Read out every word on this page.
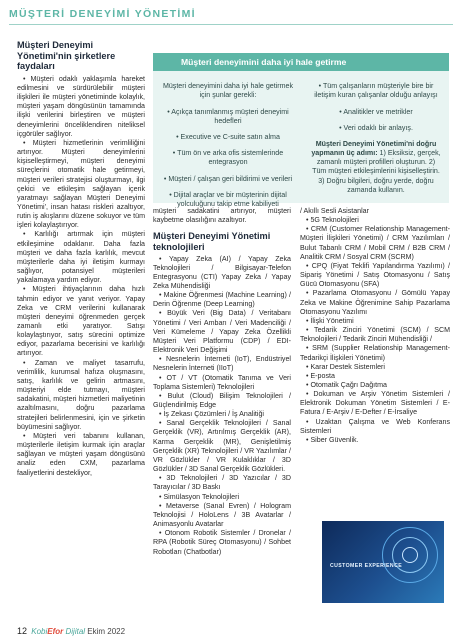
MÜŞTERİ DENEYİMİ YÖNETİMİ

Müşteri Deneyimi Yönetimi'nin şirketlere faydaları

• Müşteri odaklı yaklaşımla hareket edilmesini ve sürdürülebilir müşteri ilişkileri ile müşteri yönetiminde kolaylık, müşteri yaşam döngüsünün tamamında ilişki verilerini birleştiren ve müşteri deneyimlerini önceliklendiren niteliksel içgörüler sağlıyor.

• Müşteri hizmetlerinin verimliliğini artırıyor. Müşteri deneyimlerini kişiselleştirmeyi, müşteri deneyimi süreçlerini otomatik hale getirmeyi, müşteri verileri stratejisi oluşturmayı, ilgi çekici ve etkileşim sağlayan içerik yaratmayı sağlayan Müşteri Deneyimi Yönetimi', insan hatası riskleri azaltıyor, rutin iş akışlarını düzene sokuyor ve tüm işleri kolaylaştırıyor.

• Karlılığı artırmak için müşteri etkileşimine odaklanır. Daha fazla müşteri ve daha fazla karlılık, mevcut müşterilerle daha iyi iletişim kurmayı sağlıyor, potansiyel müşterileri yakalamaya yardım ediyor.

• Müşteri ihtiyaçlarının daha hızlı tahmin ediyor ve yanıt veriyor. Yapay Zeka ve CRM verilerini kullanarak müşteri deneyimi öğrenmeden gerçek zamanlı etki yaratıyor. Satışı kolaylaştırıyor, satış sürecini optimize ediyor, pazarlama becerisini ve karlılığı artırıyor.

• Zaman ve maliyet tasarrufu, verimlilik, kurumsal hafıza oluşmasını, satış, karlılık ve gelirin artmasını, müşteriyi elde tutmayı, müşteri sadakatini, müşteri hizmetleri maliyetinin azaltılmasını, doğru pazarlama stratejileri belirlenmesini, için ve şirketin büyümesini sağlıyor.

• Müşteri veri tabanını kullanan, müşterilerle iletişim kurmak için araçlar sağlayan ve müşteri yaşam döngüsünü analiz eden CXM, pazarlama faaliyetlerini destekliyor,

Müşteri deneyimini daha iyi hale getirme

Müşteri deneyimini daha iyi hale getirmek için şunlar gerekli:

• Açıkça tanımlanmış müşteri deneyimi hedefleri

• Executive ve C-suite satın alma

• Tüm ön ve arka ofis sistemlerinde entegrasyon

• Müşteri / çalışan geri bildirimi ve verileri

• Dijital araçlar ve bir müşterinin dijital yolculuğunu takip etme kabiliyeti

• Tüm çalışanların müşteriyle bire bir iletişim kuran çalışanlar olduğu anlayışı

• Analitikler ve metrikler

• Veri odaklı bir anlayış.

Müşteri Deneyimi Yönetimi'ni doğru yapmanın üç adımı: 1) Eksiksiz, gerçek, zamanlı müşteri profilleri oluşturun. 2) Tüm müşteri etkileşimlerini kişiselleştirin. 3) Doğru bilgileri, doğru yerde, doğru zamanda kullanın.

müşteri sadakatini artırıyor, müşteri kaybetme olasılığını azaltıyor.

Müşteri Deneyimi Yönetimi teknolojileri

• Yapay Zeka (AI) / Yapay Zeka Teknolojileri / Bilgisayar-Telefon Entegrasyonu (CTI) Yapay Zeka / Yapay Zeka Mühendisliği

• Makine Öğrenmesi (Machine Learning) / Derin Öğrenme (Deep Learning)

• Büyük Veri (Big Data) / Veritabanı Yönetimi / Veri Ambarı / Veri Madenciliği / Veri Kümeleme / Yapay Zeka Özellikli Müşteri Veri Platformu (CDP) / EDI- Elektronik Veri Değişimi

• Nesnelerin İnterneti (IoT), Endüstriyel Nesnelerin İnterneti (IIoT)

• OT / VT (Otomatik Tanıma ve Veri Toplama Sistemleri) Teknolojileri

• Bulut (Cloud) Bilişim Teknolojileri / Güçlendirilmiş Edge

• İş Zekası Çözümleri / İş Analitiği

• Sanal Gerçeklik Teknolojileri / Sanal Gerçeklik (VR), Artırılmış Gerçeklik (AR), Karma Gerçeklik (MR), Genişletilmiş Gerçeklik (XR) Teknolojileri / VR Yazılımlar / VR Gözlükler / VR Kulaklıklar / 3D Gözlükler / 3D Sanal Gerçeklik Gözlükleri.

• 3D Teknolojileri / 3D Yazıcılar / 3D Tarayıcılar / 3D Baskı

• Simülasyon Teknolojileri

• Metaverse (Sanal Evren) / Hologram Teknolojisi / HoloLens / 3B Avatarlar / Animasyonlu Avatarlar

• Otonom Robotik Sistemler / Dronelar / RPA (Robotik Süreç Otomasyonu) / Sohbet Robotları (Chatbotlar)

/ Akıllı Sesli Asistanlar

• 5G Teknolojileri

• CRM (Customer Relationship Management- Müşteri İlişkileri Yönetimi) / CRM Yazılımları / Bulut Tabanlı CRM / Mobil CRM / B2B CRM / Analitik CRM / Sosyal CRM (SCRM)

• CPQ (Fiyat Teklifi Yapılandırma Yazılımı) / Sipariş Yönetimi / Satış Otomasyonu / Satış Gücü Otomasyonu (SFA)

• Pazarlama Otomasyonu / Gömülü Yapay Zeka ve Makine Öğrenimine Sahip Pazarlama Otomasyonu Yazılımı

• İlişki Yönetimi

• Tedarik Zinciri Yönetimi (SCM) / SCM Teknolojileri / Tedarik Zinciri Mühendisliği /

• SRM (Supplier Relationship Management-Tedarikçi İlişkileri Yönetimi)

• Karar Destek Sistemleri

• E-posta

• Otomatik Çağrı Dağıtma

• Dokuman ve Arşiv Yönetim Sistemleri / Elektronik Dokuman Yönetim Sistemleri / E-Fatura / E-Arşiv / E-Defter / E-İrsaliye

• Uzaktan Çalışma ve Web Konferans Sistemleri

• Siber Güvenlik.

CUSTOMER EXPERIENCE
12 KobiEfor Dijital Ekim 2022
